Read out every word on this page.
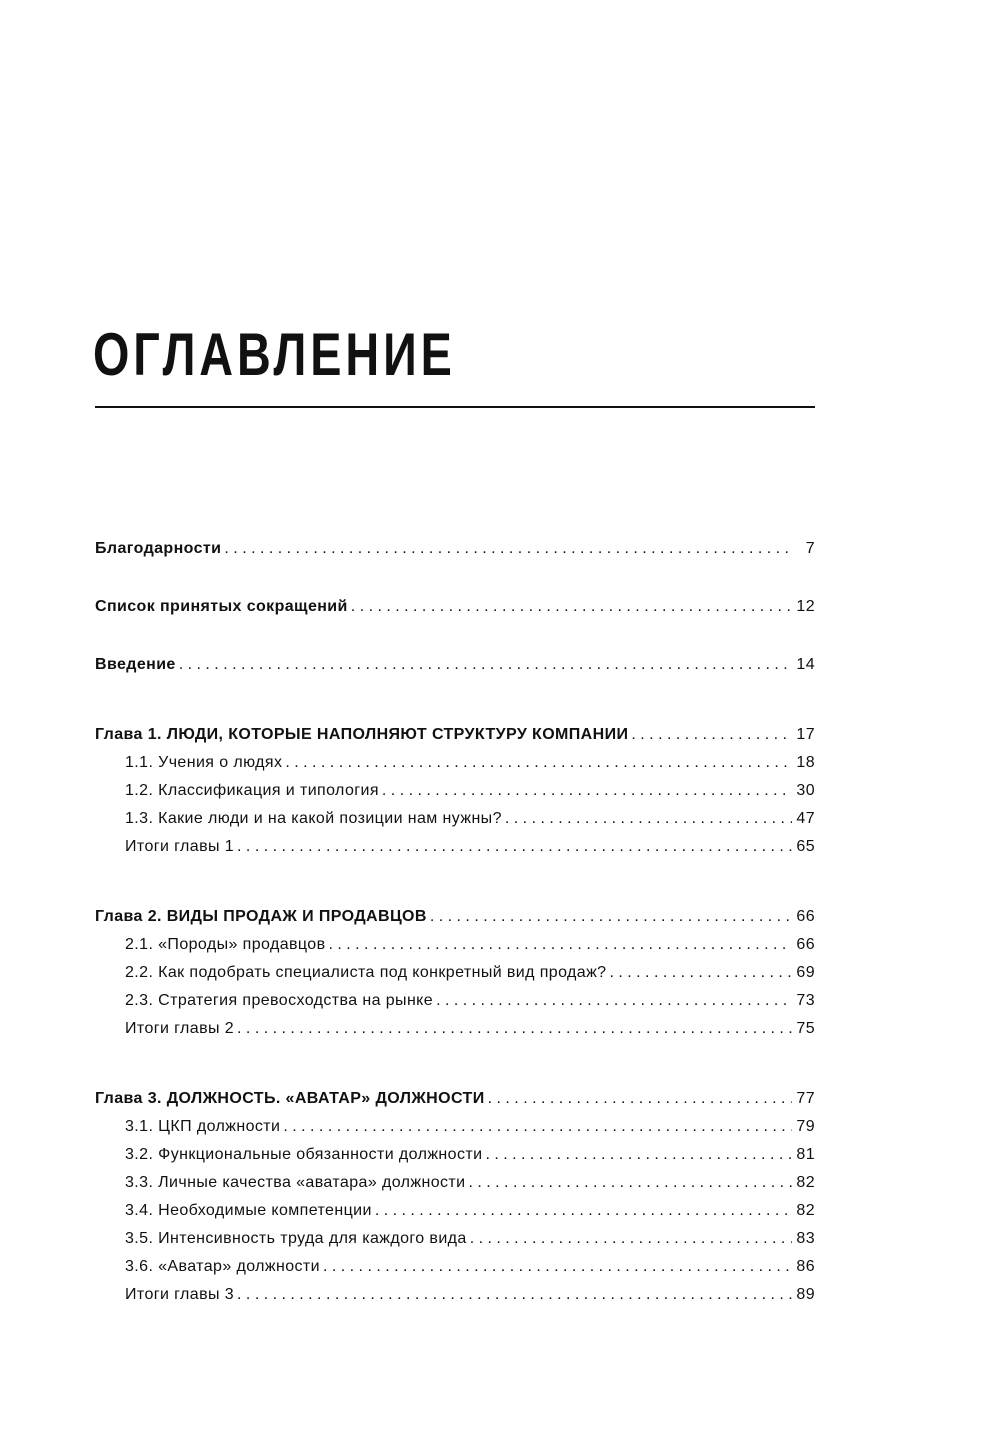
ОГЛАВЛЕНИЕ
Благодарности . . .	7
Список принятых сокращений . . .	12
Введение . . .	14
Глава 1. ЛЮДИ, КОТОРЫЕ НАПОЛНЯЮТ СТРУКТУРУ КОМПАНИИ . . .	17
1.1. Учения о людях . . .	18
1.2. Классификация и типология . . .	30
1.3. Какие люди и на какой позиции нам нужны? . . .	47
Итоги главы 1 . . .	65
Глава 2. ВИДЫ ПРОДАЖ И ПРОДАВЦОВ . . .	66
2.1. «Породы» продавцов . . .	66
2.2. Как подобрать специалиста под конкретный вид продаж? . . .	69
2.3. Стратегия превосходства на рынке . . .	73
Итоги главы 2 . . .	75
Глава 3. ДОЛЖНОСТЬ. «АВАТАР» ДОЛЖНОСТИ . . .	77
3.1. ЦКП должности . . .	79
3.2. Функциональные обязанности должности . . .	81
3.3. Личные качества «аватара» должности . . .	82
3.4. Необходимые компетенции . . .	82
3.5. Интенсивность труда для каждого вида . . .	83
3.6. «Аватар» должности . . .	86
Итоги главы 3 . . .	89
